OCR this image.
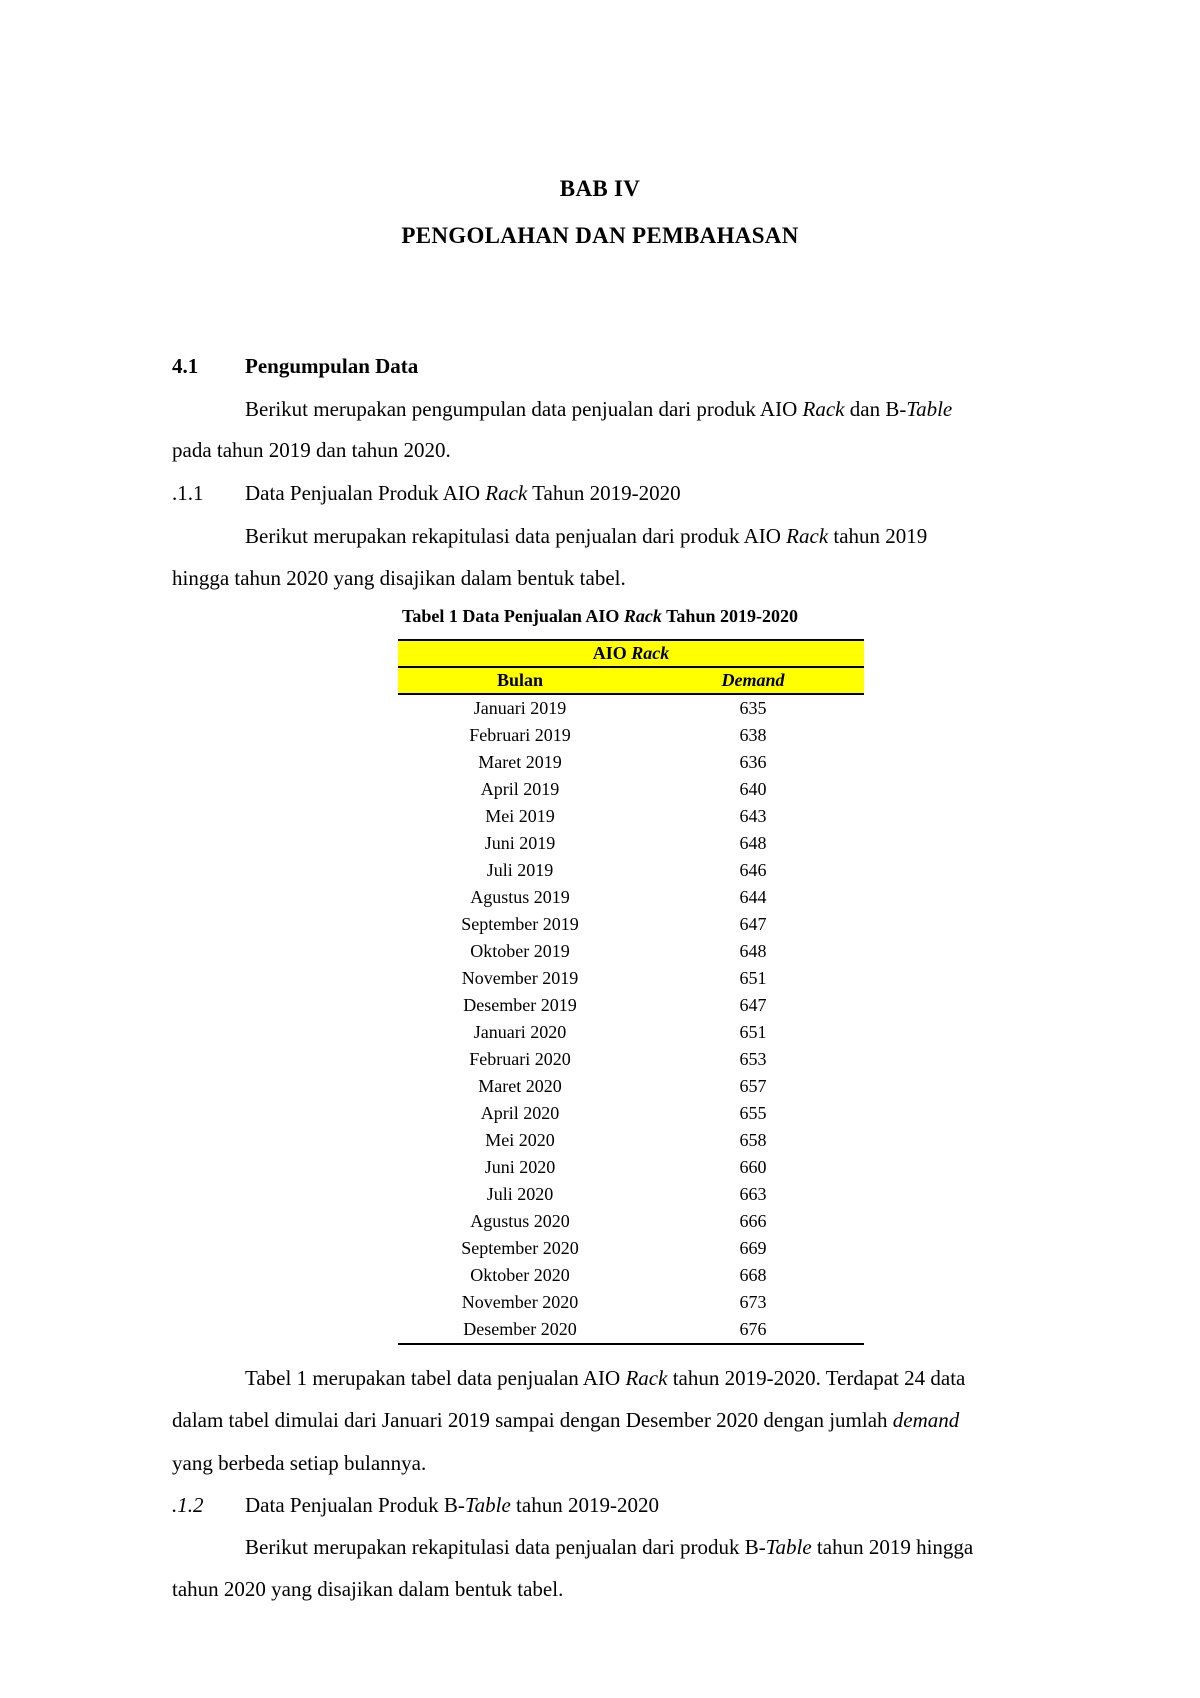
BAB IV
PENGOLAHAN DAN PEMBAHASAN
4.1 Pengumpulan Data
Berikut merupakan pengumpulan data penjualan dari produk AIO Rack dan B-Table
pada tahun 2019 dan tahun 2020.
.1.1 Data Penjualan Produk AIO Rack Tahun 2019-2020
Berikut merupakan rekapitulasi data penjualan dari produk AIO Rack tahun 2019
hingga tahun 2020 yang disajikan dalam bentuk tabel.
Tabel 1 Data Penjualan AIO Rack Tahun 2019-2020
AIO Rack	
Bulan	Demand
Januari 2019	635
Februari 2019	638
Maret 2019	636
April 2019	640
Mei 2019	643
Juni 2019	648
Juli 2019	646
Agustus 2019	644
September 2019	647
Oktober 2019	648
November 2019	651
Desember 2019	647
Januari 2020	651
Februari 2020	653
Maret 2020	657
April 2020	655
Mei 2020	658
Juni 2020	660
Juli 2020	663
Agustus 2020	666
September 2020	669
Oktober 2020	668
November 2020	673
Desember 2020	676
Tabel 1 merupakan tabel data penjualan AIO Rack tahun 2019-2020. Terdapat 24 data
dalam tabel dimulai dari Januari 2019 sampai dengan Desember 2020 dengan jumlah demand
yang berbeda setiap bulannya.
.1.2 Data Penjualan Produk B-Table tahun 2019-2020
Berikut merupakan rekapitulasi data penjualan dari produk B-Table tahun 2019 hingga
tahun 2020 yang disajikan dalam bentuk tabel.
